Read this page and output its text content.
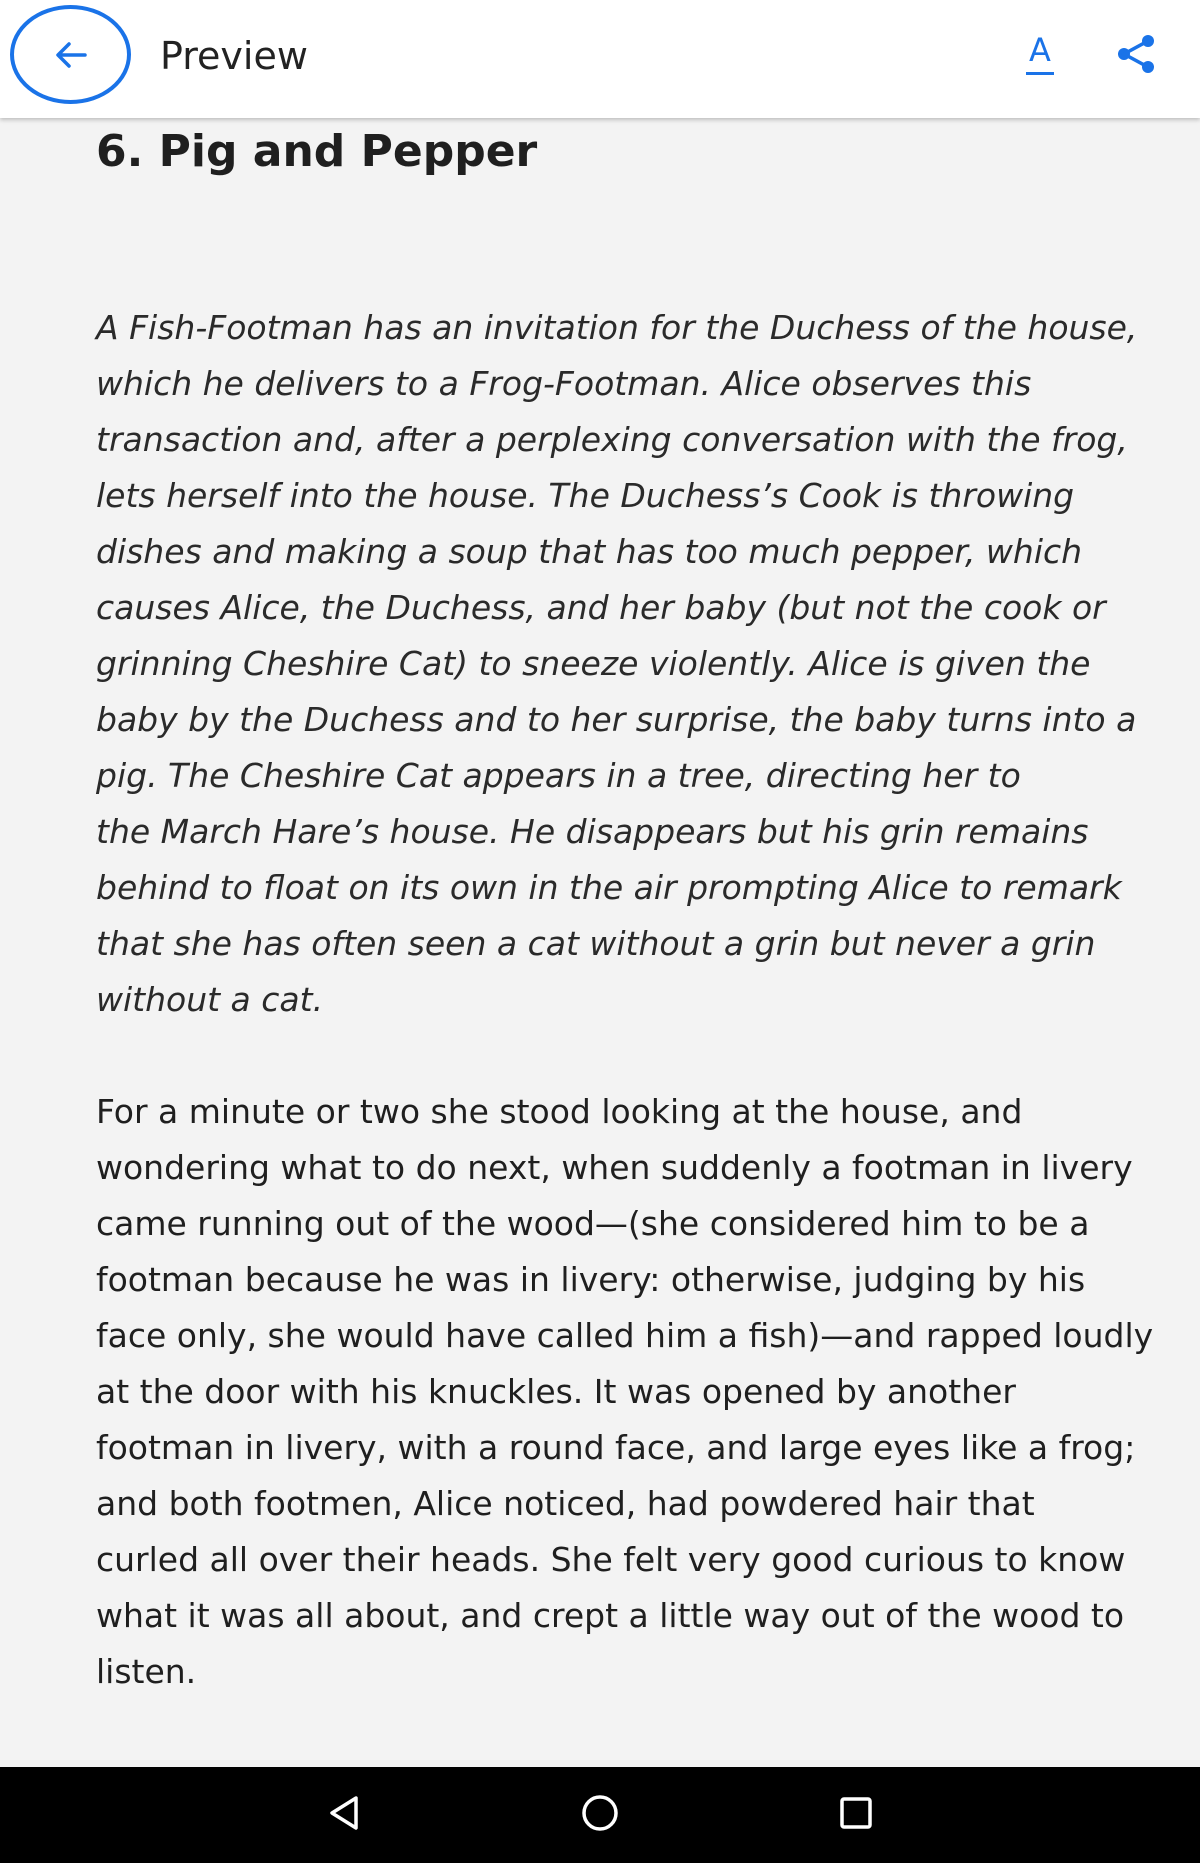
Preview	A
6. Pig and Pepper
A Fish-Footman has an invitation for the Duchess of the house,
which he delivers to a Frog-Footman. Alice observes this
transaction and, after a perplexing conversation with the frog,
lets herself into the house. The Duchess’s Cook is throwing
dishes and making a soup that has too much pepper, which
causes Alice, the Duchess, and her baby (but not the cook or
grinning Cheshire Cat) to sneeze violently. Alice is given the
baby by the Duchess and to her surprise, the baby turns into a
pig. The Cheshire Cat appears in a tree, directing her to
the March Hare’s house. He disappears but his grin remains
behind to float on its own in the air prompting Alice to remark
that she has often seen a cat without a grin but never a grin
without a cat.
For a minute or two she stood looking at the house, and
wondering what to do next, when suddenly a footman in livery
came running out of the wood—(she considered him to be a
footman because he was in livery: otherwise, judging by his
face only, she would have called him a fish)—and rapped loudly
at the door with his knuckles. It was opened by another
footman in livery, with a round face, and large eyes like a frog;
and both footmen, Alice noticed, had powdered hair that
curled all over their heads. She felt very good curious to know
what it was all about, and crept a little way out of the wood to
listen.
